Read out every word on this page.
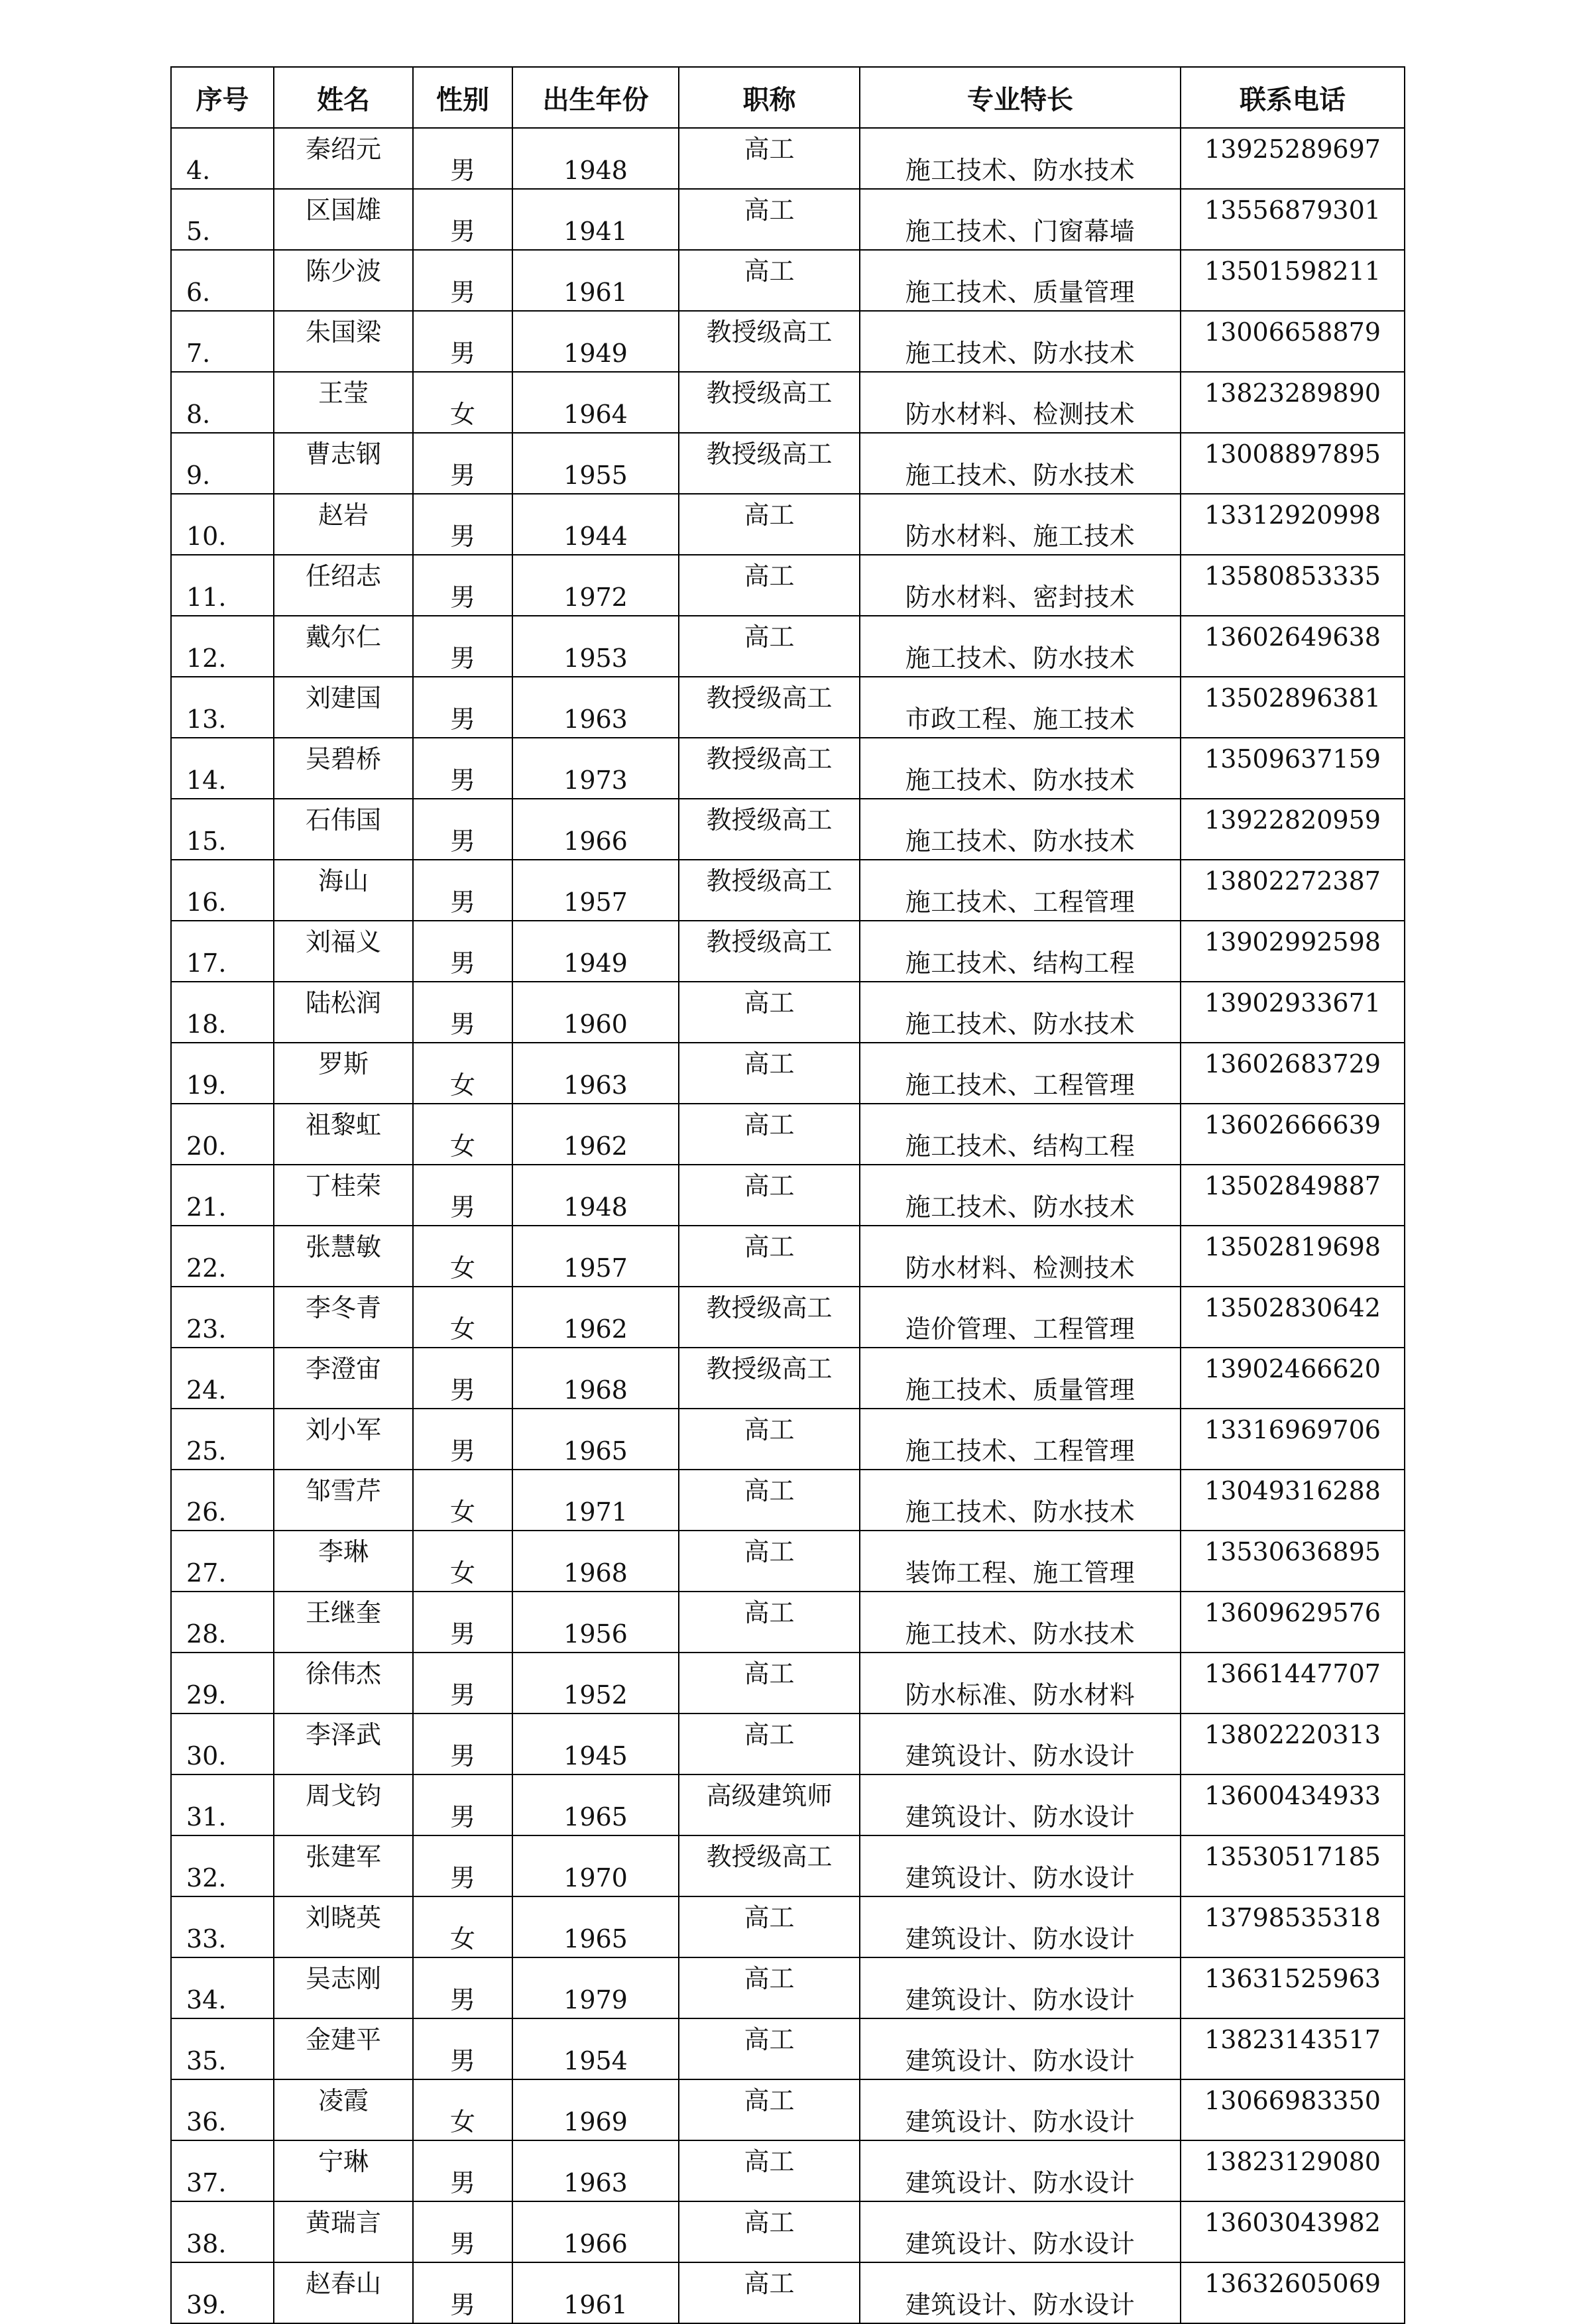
序号	姓名	性别	出生年份	职称	专业特长	联系电话
4.	秦绍元	男	1948	高工	施工技术、防水技术	13925289697
5.	区国雄	男	1941	高工	施工技术、门窗幕墙	13556879301
6.	陈少波	男	1961	高工	施工技术、质量管理	13501598211
7.	朱国梁	男	1949	教授级高工	施工技术、防水技术	13006658879
8.	王莹	女	1964	教授级高工	防水材料、检测技术	13823289890
9.	曹志钢	男	1955	教授级高工	施工技术、防水技术	13008897895
10.	赵岩	男	1944	高工	防水材料、施工技术	13312920998
11.	任绍志	男	1972	高工	防水材料、密封技术	13580853335
12.	戴尔仁	男	1953	高工	施工技术、防水技术	13602649638
13.	刘建国	男	1963	教授级高工	市政工程、施工技术	13502896381
14.	吴碧桥	男	1973	教授级高工	施工技术、防水技术	13509637159
15.	石伟国	男	1966	教授级高工	施工技术、防水技术	13922820959
16.	海山	男	1957	教授级高工	施工技术、工程管理	13802272387
17.	刘福义	男	1949	教授级高工	施工技术、结构工程	13902992598
18.	陆松润	男	1960	高工	施工技术、防水技术	13902933671
19.	罗斯	女	1963	高工	施工技术、工程管理	13602683729
20.	祖黎虹	女	1962	高工	施工技术、结构工程	13602666639
21.	丁桂荣	男	1948	高工	施工技术、防水技术	13502849887
22.	张慧敏	女	1957	高工	防水材料、检测技术	13502819698
23.	李冬青	女	1962	教授级高工	造价管理、工程管理	13502830642
24.	李澄宙	男	1968	教授级高工	施工技术、质量管理	13902466620
25.	刘小军	男	1965	高工	施工技术、工程管理	13316969706
26.	邹雪芹	女	1971	高工	施工技术、防水技术	13049316288
27.	李琳	女	1968	高工	装饰工程、施工管理	13530636895
28.	王继奎	男	1956	高工	施工技术、防水技术	13609629576
29.	徐伟杰	男	1952	高工	防水标准、防水材料	13661447707
30.	李泽武	男	1945	高工	建筑设计、防水设计	13802220313
31.	周戈钧	男	1965	高级建筑师	建筑设计、防水设计	13600434933
32.	张建军	男	1970	教授级高工	建筑设计、防水设计	13530517185
33.	刘晓英	女	1965	高工	建筑设计、防水设计	13798535318
34.	吴志刚	男	1979	高工	建筑设计、防水设计	13631525963
35.	金建平	男	1954	高工	建筑设计、防水设计	13823143517
36.	凌霞	女	1969	高工	建筑设计、防水设计	13066983350
37.	宁琳	男	1963	高工	建筑设计、防水设计	13823129080
38.	黄瑞言	男	1966	高工	建筑设计、防水设计	13603043982
39.	赵春山	男	1961	高工	建筑设计、防水设计	13632605069
